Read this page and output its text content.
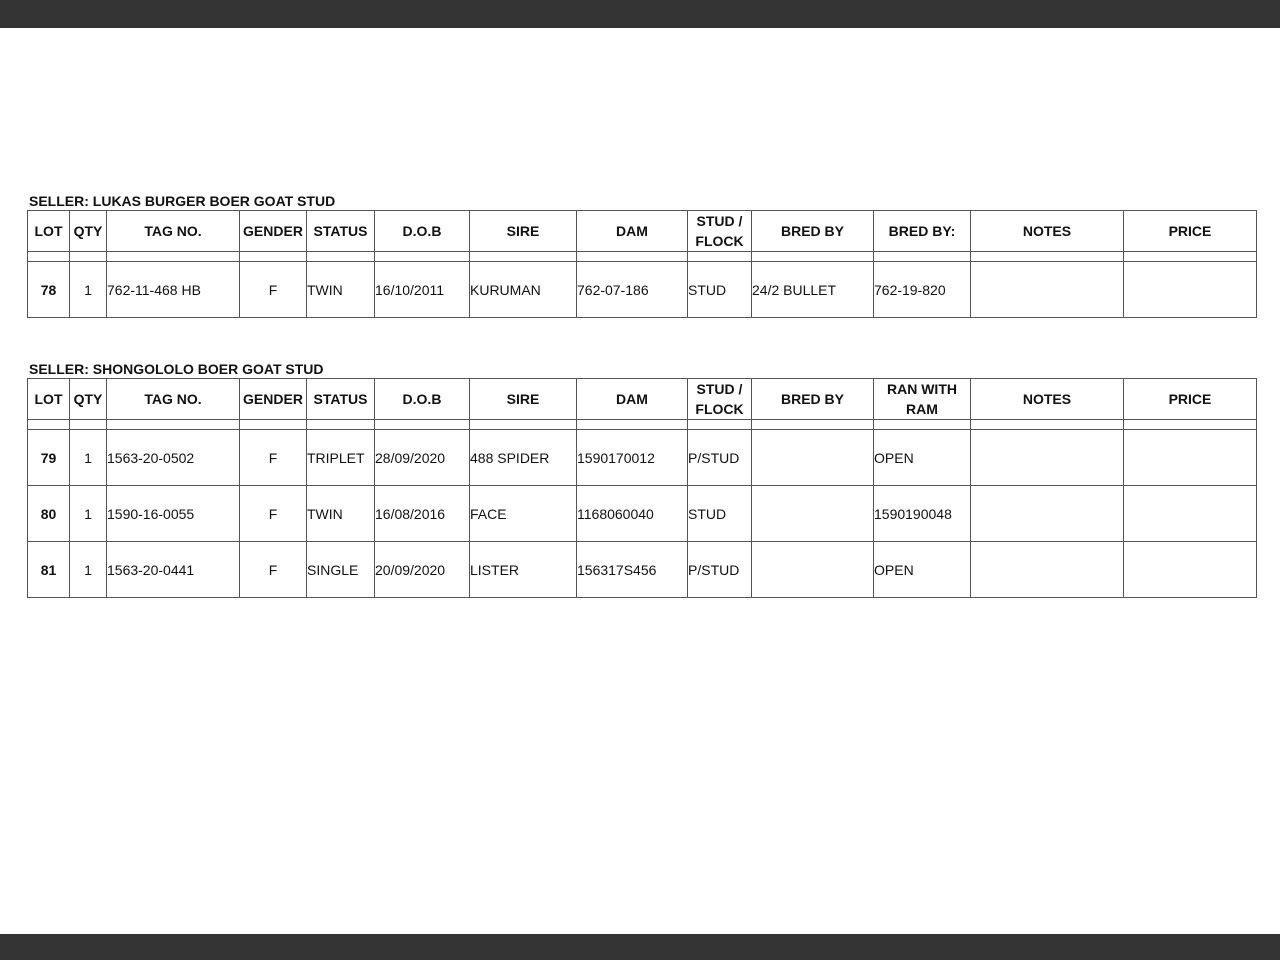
SELLER: LUKAS BURGER BOER GOAT STUD
LOT	QTY	TAG NO.	GENDER	STATUS	D.O.B	SIRE	DAM	STUD / FLOCK	BRED BY	BRED BY:	NOTES	PRICE

78	1	762-11-468 HB	F	TWIN	16/10/2011	KURUMAN	762-07-186	STUD	24/2 BULLET	762-19-820		
SELLER: SHONGOLOLO BOER GOAT STUD
LOT	QTY	TAG NO.	GENDER	STATUS	D.O.B	SIRE	DAM	STUD / FLOCK	BRED BY	RAN WITH RAM	NOTES	PRICE

79	1	1563-20-0502	F	TRIPLET	28/09/2020	488 SPIDER	1590170012	P/STUD		OPEN		
80	1	1590-16-0055	F	TWIN	16/08/2016	FACE	1168060040	STUD		1590190048		
81	1	1563-20-0441	F	SINGLE	20/09/2020	LISTER	156317S456	P/STUD		OPEN		
